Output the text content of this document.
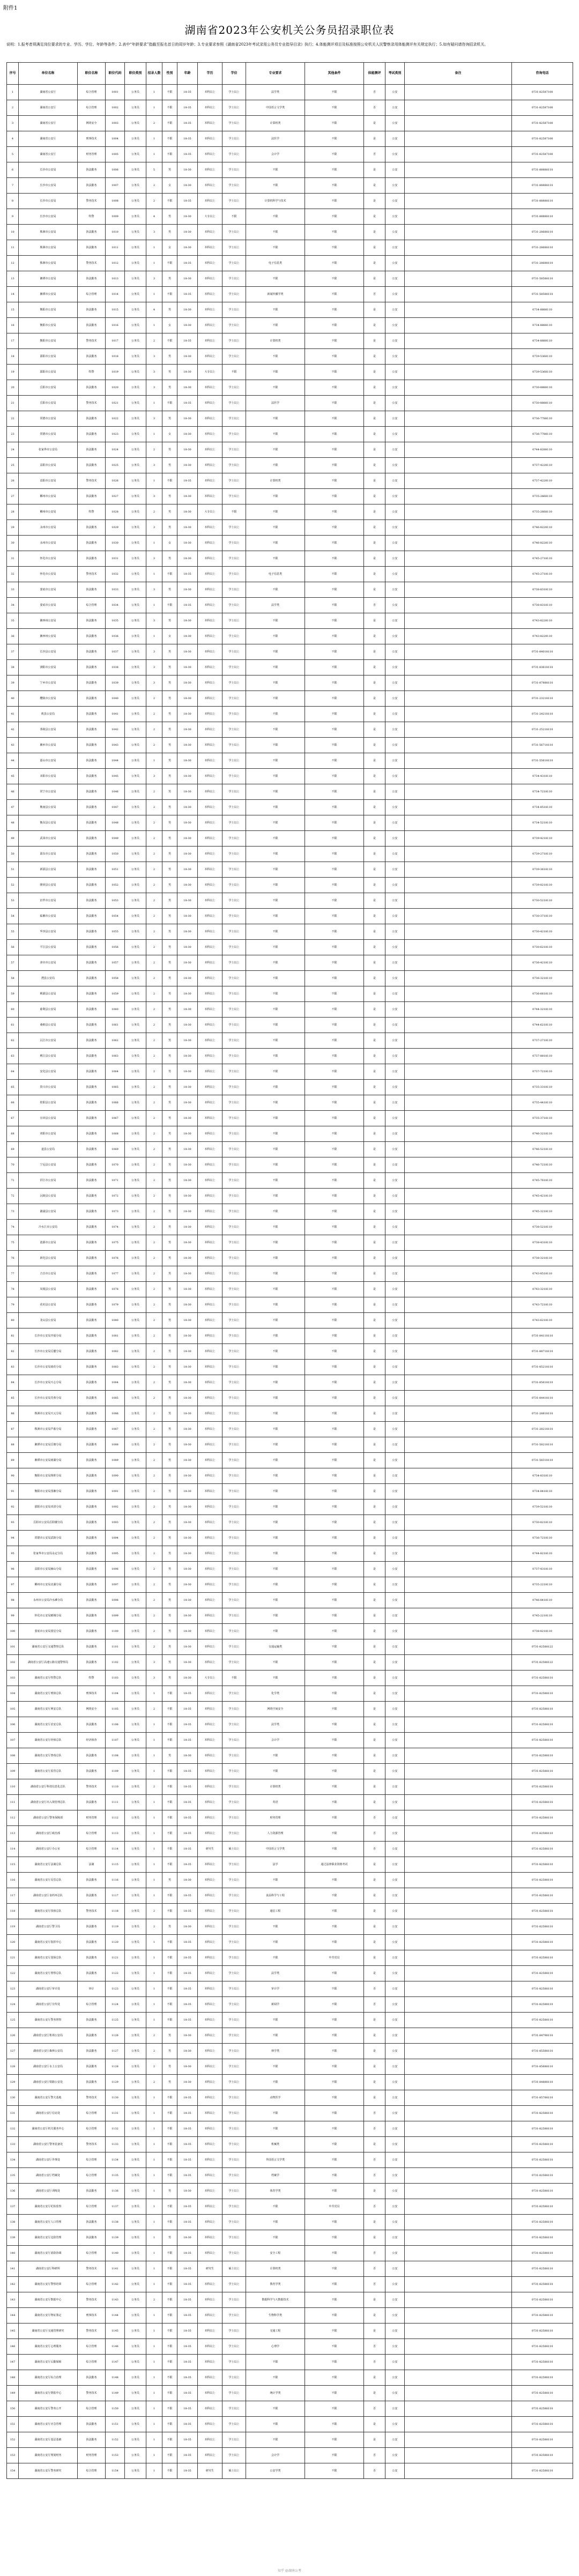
附件1
湖南省2023年公安机关公务员招录职位表
说明：1.报考者须满足岗位要求的专业、学历、学位、年龄等条件；2.表中“年龄要求”指截至报名首日的周岁年龄；3.专业要求参照《湖南省2023年考试录用公务员专业指导目录》执行；4.体能测评项目及标准按照公安机关人民警察录用体能测评有关规定执行；5.如有疑问请咨询招录机关。
序号	单位名称	职位名称	职位代码	职位类别	招录人数	性别	年龄	学历	学位	专业要求	其他条件	体能测评	考试类别	备注	咨询电话
1	湖南省公安厅	综合管理	1001	公务员	1	不限	18-35	本科以上	学士以上	法学类	不限	否	公安		0731-82587100
2	湖南省公安厅	综合管理	1002	公务员	1	不限	18-35	本科以上	学士以上	中国语言文学类	不限	否	公安		0731-82587100
3	湖南省公安厅	网络安全	1003	公务员	2	不限	18-35	本科以上	学士以上	计算机类	不限	是	公安		0731-82587100
4	湖南省公安厅	刑事技术	1004	公务员	1	不限	18-35	本科以上	学士以上	法医学	不限	是	公安		0731-82587100
5	湖南省公安厅	财务管理	1005	公务员	1	不限	18-35	本科以上	学士以上	会计学	不限	否	公安		0731-82587100
6	长沙市公安局	执法勤务	1006	公务员	5	男	18-30	本科以上	学士以上	不限	不限	是	公安		0731-88888110
7	长沙市公安局	执法勤务	1007	公务员	2	女	18-30	本科以上	学士以上	不限	不限	是	公安		0731-88888110
8	长沙市公安局	警务技术	1008	公务员	2	不限	18-35	本科以上	学士以上	计算机科学与技术	不限	是	公安		0731-88888110
9	长沙市公安局	特警	1009	公务员	4	男	18-30	大专以上	不限	不限	不限	是	公安		0731-88888110
10	株洲市公安局	执法勤务	1010	公务员	3	男	18-30	本科以上	学士以上	不限	不限	是	公安		0731-28688110
11	株洲市公安局	执法勤务	1011	公务员	1	女	18-30	本科以上	学士以上	不限	不限	是	公安		0731-28688110
12	株洲市公安局	警务技术	1012	公务员	1	不限	18-35	本科以上	学士以上	电子信息类	不限	是	公安		0731-28688110
13	湘潭市公安局	执法勤务	1013	公务员	3	男	18-30	本科以上	学士以上	不限	不限	是	公安		0731-58588110
14	湘潭市公安局	综合管理	1014	公务员	1	不限	18-35	本科以上	学士以上	新闻传播学类	不限	否	公安		0731-58588110
15	衡阳市公安局	执法勤务	1015	公务员	4	男	18-30	本科以上	学士以上	不限	不限	是	公安		0734-8888110
16	衡阳市公安局	执法勤务	1016	公务员	1	女	18-30	本科以上	学士以上	不限	不限	是	公安		0734-8888110
17	衡阳市公安局	警务技术	1017	公务员	2	不限	18-35	本科以上	学士以上	计算机类	不限	是	公安		0734-8888110
18	邵阳市公安局	执法勤务	1018	公务员	3	男	18-30	本科以上	学士以上	不限	不限	是	公安		0739-5368110
19	邵阳市公安局	特警	1019	公务员	3	男	18-30	大专以上	不限	不限	不限	是	公安		0739-5368110
20	岳阳市公安局	执法勤务	1020	公务员	3	男	18-30	本科以上	学士以上	不限	不限	是	公安		0730-8888110
21	岳阳市公安局	警务技术	1021	公务员	1	不限	18-35	本科以上	学士以上	法医学	不限	是	公安		0730-8888110
22	常德市公安局	执法勤务	1022	公务员	3	男	18-30	本科以上	学士以上	不限	不限	是	公安		0736-7788110
23	常德市公安局	执法勤务	1023	公务员	1	女	18-30	本科以上	学士以上	不限	不限	是	公安		0736-7788110
24	张家界市公安局	执法勤务	1024	公务员	2	男	18-30	本科以上	学士以上	不限	不限	是	公安		0744-8288110
25	益阳市公安局	执法勤务	1025	公务员	3	男	18-30	本科以上	学士以上	不限	不限	是	公安		0737-4228110
26	益阳市公安局	警务技术	1026	公务员	1	不限	18-35	本科以上	学士以上	计算机类	不限	是	公安		0737-4228110
27	郴州市公安局	执法勤务	1027	公务员	3	男	18-30	本科以上	学士以上	不限	不限	是	公安		0735-2668110
28	郴州市公安局	特警	1028	公务员	2	男	18-30	大专以上	不限	不限	不限	是	公安		0735-2668110
29	永州市公安局	执法勤务	1029	公务员	3	男	18-30	本科以上	学士以上	不限	不限	是	公安		0746-8228110
30	永州市公安局	执法勤务	1030	公务员	1	女	18-30	本科以上	学士以上	不限	不限	是	公安		0746-8228110
31	怀化市公安局	执法勤务	1031	公务员	3	男	18-30	本科以上	学士以上	不限	不限	是	公安		0745-2718110
32	怀化市公安局	警务技术	1032	公务员	1	不限	18-35	本科以上	学士以上	电子信息类	不限	是	公安		0745-2718110
33	娄底市公安局	执法勤务	1033	公务员	3	男	18-30	本科以上	学士以上	不限	不限	是	公安		0738-8318110
34	娄底市公安局	综合管理	1034	公务员	1	不限	18-35	本科以上	学士以上	法学类	不限	否	公安		0738-8318110
35	湘西州公安局	执法勤务	1035	公务员	3	男	18-30	本科以上	学士以上	不限	不限	是	公安		0743-8228110
36	湘西州公安局	执法勤务	1036	公务员	1	女	18-30	本科以上	学士以上	不限	不限	是	公安		0743-8228110
37	长沙县公安局	执法勤务	1037	公务员	3	男	18-30	本科以上	学士以上	不限	不限	是	公安		0731-84018110
38	浏阳市公安局	执法勤务	1038	公务员	3	男	18-30	本科以上	学士以上	不限	不限	是	公安		0731-83618110
39	宁乡市公安局	执法勤务	1039	公务员	3	男	18-30	本科以上	学士以上	不限	不限	是	公安		0731-87888110
40	醴陵市公安局	执法勤务	1040	公务员	2	男	18-30	本科以上	学士以上	不限	不限	是	公安		0731-23218110
41	攸县公安局	执法勤务	1041	公务员	2	男	18-30	本科以上	学士以上	不限	不限	是	公安		0731-24218110
42	茶陵县公安局	执法勤务	1042	公务员	2	男	18-30	本科以上	学士以上	不限	不限	是	公安		0731-25218110
43	湘乡市公安局	执法勤务	1043	公务员	2	男	18-30	本科以上	学士以上	不限	不限	是	公安		0731-56718110
44	韶山市公安局	执法勤务	1044	公务员	1	男	18-30	本科以上	学士以上	不限	不限	是	公安		0731-55618110
45	耒阳市公安局	执法勤务	1045	公务员	3	男	18-30	本科以上	学士以上	不限	不限	是	公安		0734-4318110
46	常宁市公安局	执法勤务	1046	公务员	2	男	18-30	本科以上	学士以上	不限	不限	是	公安		0734-7218110
47	衡南县公安局	执法勤务	1047	公务员	2	男	18-30	本科以上	学士以上	不限	不限	是	公安		0734-8518110
48	衡东县公安局	执法勤务	1048	公务员	2	男	18-30	本科以上	学士以上	不限	不限	是	公安		0734-5218110
49	武冈市公安局	执法勤务	1049	公务员	2	男	18-30	本科以上	学士以上	不限	不限	是	公安		0739-4218110
50	邵东市公安局	执法勤务	1050	公务员	2	男	18-30	本科以上	学士以上	不限	不限	是	公安		0739-2718110
51	新邵县公安局	执法勤务	1051	公务员	2	男	18-30	本科以上	学士以上	不限	不限	是	公安		0739-3618110
52	隆回县公安局	执法勤务	1052	公务员	2	男	18-30	本科以上	学士以上	不限	不限	是	公安		0739-8218110
53	汨罗市公安局	执法勤务	1053	公务员	2	男	18-30	本科以上	学士以上	不限	不限	是	公安		0730-5218110
54	临湘市公安局	执法勤务	1054	公务员	2	男	18-30	本科以上	学士以上	不限	不限	是	公安		0730-3718110
55	华容县公安局	执法勤务	1055	公务员	2	男	18-30	本科以上	学士以上	不限	不限	是	公安		0730-4218110
56	平江县公安局	执法勤务	1056	公务员	2	男	18-30	本科以上	学士以上	不限	不限	是	公安		0730-6218110
57	津市市公安局	执法勤务	1057	公务员	2	男	18-30	本科以上	学士以上	不限	不限	是	公安		0736-4218110
58	澧县公安局	执法勤务	1058	公务员	2	男	18-30	本科以上	学士以上	不限	不限	是	公安		0736-3218110
59	桃源县公安局	执法勤务	1059	公务员	2	男	18-30	本科以上	学士以上	不限	不限	是	公安		0736-6618110
60	慈利县公安局	执法勤务	1060	公务员	2	男	18-30	本科以上	学士以上	不限	不限	是	公安		0744-3218110
61	桑植县公安局	执法勤务	1061	公务员	2	男	18-30	本科以上	学士以上	不限	不限	是	公安		0744-6218110
62	沅江市公安局	执法勤务	1062	公务员	2	男	18-30	本科以上	学士以上	不限	不限	是	公安		0737-2718110
63	桃江县公安局	执法勤务	1063	公务员	2	男	18-30	本科以上	学士以上	不限	不限	是	公安		0737-8818110
64	安化县公安局	执法勤务	1064	公务员	2	男	18-30	本科以上	学士以上	不限	不限	是	公安		0737-7218110
65	资兴市公安局	执法勤务	1065	公务员	2	男	18-30	本科以上	学士以上	不限	不限	是	公安		0735-3318110
66	桂阳县公安局	执法勤务	1066	公务员	2	男	18-30	本科以上	学士以上	不限	不限	是	公安		0735-4418110
67	宜章县公安局	执法勤务	1067	公务员	2	男	18-30	本科以上	学士以上	不限	不限	是	公安		0735-3718110
68	祁阳市公安局	执法勤务	1068	公务员	2	男	18-30	本科以上	学士以上	不限	不限	是	公安		0746-3218110
69	道县公安局	执法勤务	1069	公务员	2	男	18-30	本科以上	学士以上	不限	不限	是	公安		0746-5218110
70	宁远县公安局	执法勤务	1070	公务员	2	男	18-30	本科以上	学士以上	不限	不限	是	公安		0746-7218110
71	洪江市公安局	执法勤务	1071	公务员	2	男	18-30	本科以上	学士以上	不限	不限	是	公安		0745-7618110
72	沅陵县公安局	执法勤务	1072	公务员	2	男	18-30	本科以上	学士以上	不限	不限	是	公安		0745-4218110
73	溆浦县公安局	执法勤务	1073	公务员	2	男	18-30	本科以上	学士以上	不限	不限	是	公安		0745-3218110
74	冷水江市公安局	执法勤务	1074	公务员	2	男	18-30	本科以上	学士以上	不限	不限	是	公安		0738-5218110
75	涟源市公安局	执法勤务	1075	公务员	2	男	18-30	本科以上	学士以上	不限	不限	是	公安		0738-4318110
76	新化县公安局	执法勤务	1076	公务员	2	男	18-30	本科以上	学士以上	不限	不限	是	公安		0738-3218110
77	吉首市公安局	执法勤务	1077	公务员	2	男	18-30	本科以上	学士以上	不限	不限	是	公安		0743-8518110
78	凤凰县公安局	执法勤务	1078	公务员	2	男	18-30	本科以上	学士以上	不限	不限	是	公安		0743-3218110
79	花垣县公安局	执法勤务	1079	公务员	2	男	18-30	本科以上	学士以上	不限	不限	是	公安		0743-7218110
80	龙山县公安局	执法勤务	1080	公务员	2	男	18-30	本科以上	学士以上	不限	不限	是	公安		0743-6218110
81	长沙市公安局开福分局	执法勤务	1081	公务员	2	男	18-30	本科以上	学士以上	不限	不限	是	公安		0731-84118110
82	长沙市公安局岳麓分局	执法勤务	1082	公务员	2	男	18-30	本科以上	学士以上	不限	不限	是	公安		0731-88718110
83	长沙市公安局雨花分局	执法勤务	1083	公务员	2	男	18-30	本科以上	学士以上	不限	不限	是	公安		0731-85218110
84	长沙市公安局天心分局	执法勤务	1084	公务员	2	男	18-30	本科以上	学士以上	不限	不限	是	公安		0731-85618110
85	长沙市公安局芙蓉分局	执法勤务	1085	公务员	2	男	18-30	本科以上	学士以上	不限	不限	是	公安		0731-84418110
86	株洲市公安局天元分局	执法勤务	1086	公务员	2	男	18-30	本科以上	学士以上	不限	不限	是	公安		0731-28818110
87	株洲市公安局芦淞分局	执法勤务	1087	公务员	2	男	18-30	本科以上	学士以上	不限	不限	是	公安		0731-28218110
88	湘潭市公安局岳塘分局	执法勤务	1088	公务员	2	男	18-30	本科以上	学士以上	不限	不限	是	公安		0731-58218110
89	湘潭市公安局雨湖分局	执法勤务	1089	公务员	2	男	18-30	本科以上	学士以上	不限	不限	是	公安		0731-58318110
90	衡阳市公安局珠晖分局	执法勤务	1090	公务员	2	男	18-30	本科以上	学士以上	不限	不限	是	公安		0734-8318110
91	衡阳市公安局蒸湘分局	执法勤务	1091	公务员	2	男	18-30	本科以上	学士以上	不限	不限	是	公安		0734-8418110
92	邵阳市公安局双清分局	执法勤务	1092	公务员	2	男	18-30	本科以上	学士以上	不限	不限	是	公安		0739-5218110
93	岳阳市公安局岳阳楼分局	执法勤务	1093	公务员	2	男	18-30	本科以上	学士以上	不限	不限	是	公安		0730-8218110
94	常德市公安局武陵分局	执法勤务	1094	公务员	2	男	18-30	本科以上	学士以上	不限	不限	是	公安		0736-7218110
95	张家界市公安局永定分局	执法勤务	1095	公务员	2	男	18-30	本科以上	学士以上	不限	不限	是	公安		0744-8218110
96	益阳市公安局赫山分局	执法勤务	1096	公务员	2	男	18-30	本科以上	学士以上	不限	不限	是	公安		0737-4318110
97	郴州市公安局北湖分局	执法勤务	1097	公务员	2	男	18-30	本科以上	学士以上	不限	不限	是	公安		0735-2218110
98	永州市公安局冷水滩分局	执法勤务	1098	公务员	2	男	18-30	本科以上	学士以上	不限	不限	是	公安		0746-8418110
99	怀化市公安局鹤城分局	执法勤务	1099	公务员	2	男	18-30	本科以上	学士以上	不限	不限	是	公安		0745-2218110
100	娄底市公安局娄星分局	执法勤务	1100	公务员	2	男	18-30	本科以上	学士以上	不限	不限	是	公安		0738-8218110
101	湖南省公安厅交通警察总队	执法勤务	1101	公务员	2	男	18-30	本科以上	学士以上	交通运输类	不限	是	公安		0731-82588122
102	湖南省公安厅高速公路交通警察局	执法勤务	1102	公务员	3	男	18-30	本科以上	学士以上	不限	不限	是	公安		0731-82588122
103	湖南省公安厅特警总队	特警	1103	公务员	3	男	18-30	大专以上	不限	不限	不限	是	公安		0731-82588110
104	湖南省公安厅刑侦总队	刑事技术	1104	公务员	1	不限	18-35	本科以上	学士以上	化学类	不限	是	公安		0731-82588110
105	湖南省公安厅网安总队	网络安全	1105	公务员	2	不限	18-35	本科以上	学士以上	网络空间安全	不限	是	公安		0731-82588110
106	湖南省公安厅治安总队	执法勤务	1106	公务员	1	不限	18-35	本科以上	学士以上	法学类	不限	是	公安		0731-82588110
107	湖南省公安厅经侦总队	经济侦查	1107	公务员	1	不限	18-35	本科以上	学士以上	会计学	不限	是	公安		0731-82588110
108	湖南省公安厅禁毒总队	执法勤务	1108	公务员	1	男	18-30	本科以上	学士以上	不限	不限	是	公安		0731-82588110
109	湖南省公安厅监管总队	执法勤务	1109	公务员	1	不限	18-35	本科以上	学士以上	不限	不限	是	公安		0731-82588110
110	湖南省公安厅科技信息化总队	警务技术	1110	公务员	2	不限	18-35	本科以上	学士以上	计算机类	不限	是	公安		0731-82588110
111	湖南省公安厅出入境管理总队	执法勤务	1111	公务员	1	不限	18-35	本科以上	学士以上	英语	不限	是	公安		0731-82588110
112	湖南省公安厅警务保障部	财务管理	1112	公务员	1	不限	18-35	本科以上	学士以上	财务管理	不限	否	公安		0731-82588110
113	湖南省公安厅政治部	综合管理	1113	公务员	1	不限	18-35	本科以上	学士以上	人力资源管理	不限	否	公安		0731-82588110
114	湖南省公安厅办公室	综合管理	1114	公务员	1	不限	18-35	研究生	硕士以上	中国语言文学类	不限	否	公安		0731-82588110
115	湖南省公安厅法制总队	法制	1115	公务员	1	不限	18-35	本科以上	学士以上	法学	通过法律职业资格考试	是	公安		0731-82588110
116	湖南省公安厅反恐总队	执法勤务	1116	公务员	1	男	18-30	本科以上	学士以上	不限	不限	是	公安		0731-82588110
117	湖南省公安厅食药环总队	执法勤务	1117	公务员	1	不限	18-35	本科以上	学士以上	食品科学与工程	不限	是	公安		0731-82588110
118	湖南省公安厅技侦总队	警务技术	1118	公务员	2	不限	18-35	本科以上	学士以上	通信工程	不限	是	公安		0731-82588110
119	湖南省公安厅警卫局	执法勤务	1119	公务员	2	男	18-30	本科以上	学士以上	不限	不限	是	公安		0731-82588110
120	湖南省公安厅指挥中心	执法勤务	1120	公务员	1	不限	18-35	本科以上	学士以上	不限	不限	是	公安		0731-82588110
121	湖南省公安厅国保总队	执法勤务	1121	公务员	1	不限	18-35	本科以上	学士以上	不限	中共党员	是	公安		0731-82588110
122	湖南省公安厅督察总队	执法勤务	1122	公务员	1	不限	18-35	本科以上	学士以上	法学类	不限	是	公安		0731-82588110
123	湖南省公安厅审计处	审计	1123	公务员	1	不限	18-35	本科以上	学士以上	审计学	不限	否	公安		0731-82588110
124	湖南省公安厅宣传处	综合管理	1124	公务员	1	不限	18-35	本科以上	学士以上	新闻学	不限	否	公安		0731-82588110
125	湖南省公安厅警务督察	执法勤务	1125	公务员	1	不限	18-35	本科以上	学士以上	不限	不限	是	公安		0731-82588110
126	湖南省公安厅机场公安局	执法勤务	1126	公务员	2	男	18-30	本科以上	学士以上	不限	不限	是	公安		0731-84798110
127	湖南省公安厅森林公安局	执法勤务	1127	公务员	2	男	18-30	本科以上	学士以上	林学类	不限	是	公安		0731-85588110
128	湖南省公安厅水上公安局	执法勤务	1128	公务员	2	男	18-30	本科以上	学士以上	不限	不限	是	公安		0731-85688110
129	湖南省公安厅铁路公安处	执法勤务	1129	公务员	2	男	18-30	本科以上	学士以上	不限	不限	是	公安		0731-84888110
130	湖南省公安厅警犬基地	警务技术	1130	公务员	1	不限	18-35	本科以上	学士以上	动物医学	不限	是	公安		0731-85788110
131	湖南省公安厅信访处	综合管理	1131	公务员	1	不限	18-35	本科以上	学士以上	不限	不限	否	公安		0731-82588110
132	湖南省公安厅机关服务中心	综合管理	1132	公务员	1	不限	18-35	本科以上	学士以上	不限	不限	否	公安		0731-82588110
133	湖南省公安厅警务装备处	警务技术	1133	公务员	1	不限	18-35	本科以上	学士以上	机械类	不限	是	公安		0731-82588110
134	湖南省公安厅外事处	综合管理	1134	公务员	1	不限	18-35	本科以上	学士以上	外国语言文学类	不限	否	公安		0731-82588110
135	湖南省公安厅档案处	综合管理	1135	公务员	1	不限	18-35	本科以上	学士以上	档案学	不限	否	公安		0731-82588110
136	湖南省公安厅训练处	执法勤务	1136	公务员	1	男	18-30	本科以上	学士以上	体育学类	不限	是	公安		0731-82588110
137	湖南省公安厅纪检监察	综合管理	1137	公务员	1	不限	18-35	本科以上	学士以上	不限	中共党员	否	公安		0731-82588110
138	湖南省公安厅人口管理	执法勤务	1138	公务员	1	不限	18-35	本科以上	学士以上	不限	不限	是	公安		0731-82588110
139	湖南省公安厅边防管理	执法勤务	1139	公务员	1	男	18-30	本科以上	学士以上	不限	不限	是	公安		0731-82588110
140	湖南省公安厅消防协调	综合管理	1140	公务员	1	不限	18-35	本科以上	学士以上	安全工程	不限	否	公安		0731-82588110
141	湖南省公安厅科研所	警务技术	1141	公务员	1	不限	18-35	研究生	硕士以上	计算机类	不限	否	公安		0731-82588110
142	湖南省公安厅警察培训	综合管理	1142	公务员	1	不限	18-35	本科以上	学士以上	教育学类	不限	否	公安		0731-82588110
143	湖南省公安厅数据中心	警务技术	1143	公务员	2	不限	18-35	本科以上	学士以上	数据科学与大数据技术	不限	是	公安		0731-82588110
144	湖南省公安厅物证鉴定	刑事技术	1144	公务员	1	不限	18-35	本科以上	学士以上	生物科学类	不限	是	公安		0731-82588110
145	湖南省公安厅交通管理研究	警务技术	1145	公务员	1	不限	18-35	本科以上	学士以上	交通工程	不限	是	公安		0731-82588110
146	湖南省公安厅心理服务	综合管理	1146	公务员	1	不限	18-35	本科以上	学士以上	心理学	不限	否	公安		0731-82588110
147	湖南省公安厅后勤保障	综合管理	1147	公务员	1	不限	18-35	本科以上	学士以上	不限	不限	否	公安		0731-82588110
148	湖南省公安厅综合治理	执法勤务	1148	公务员	1	不限	18-35	本科以上	学士以上	不限	不限	是	公安		0731-82588110
149	湖南省公安厅情报中心	警务技术	1149	公务员	1	不限	18-35	本科以上	学士以上	统计学类	不限	是	公安		0731-82588110
150	湖南省公安厅警务公开	综合管理	1150	公务员	1	不限	18-35	本科以上	学士以上	不限	不限	否	公安		0731-82588110
151	湖南省公安厅应急管理	执法勤务	1151	公务员	1	不限	18-35	本科以上	学士以上	不限	不限	是	公安		0731-82588110
152	湖南省公安厅基层基础	执法勤务	1152	公务员	1	不限	18-35	本科以上	学士以上	不限	不限	是	公安		0731-82588110
153	湖南省公安厅规划财务	财务管理	1153	公务员	1	不限	18-35	本科以上	学士以上	会计学	不限	否	公安		0731-82588110
154	湖南省公安厅警务研究	综合管理	1154	公务员	1	不限	18-35	研究生	硕士以上	公安学类	不限	否	公安		0731-82588110
知乎 @湖南公考
